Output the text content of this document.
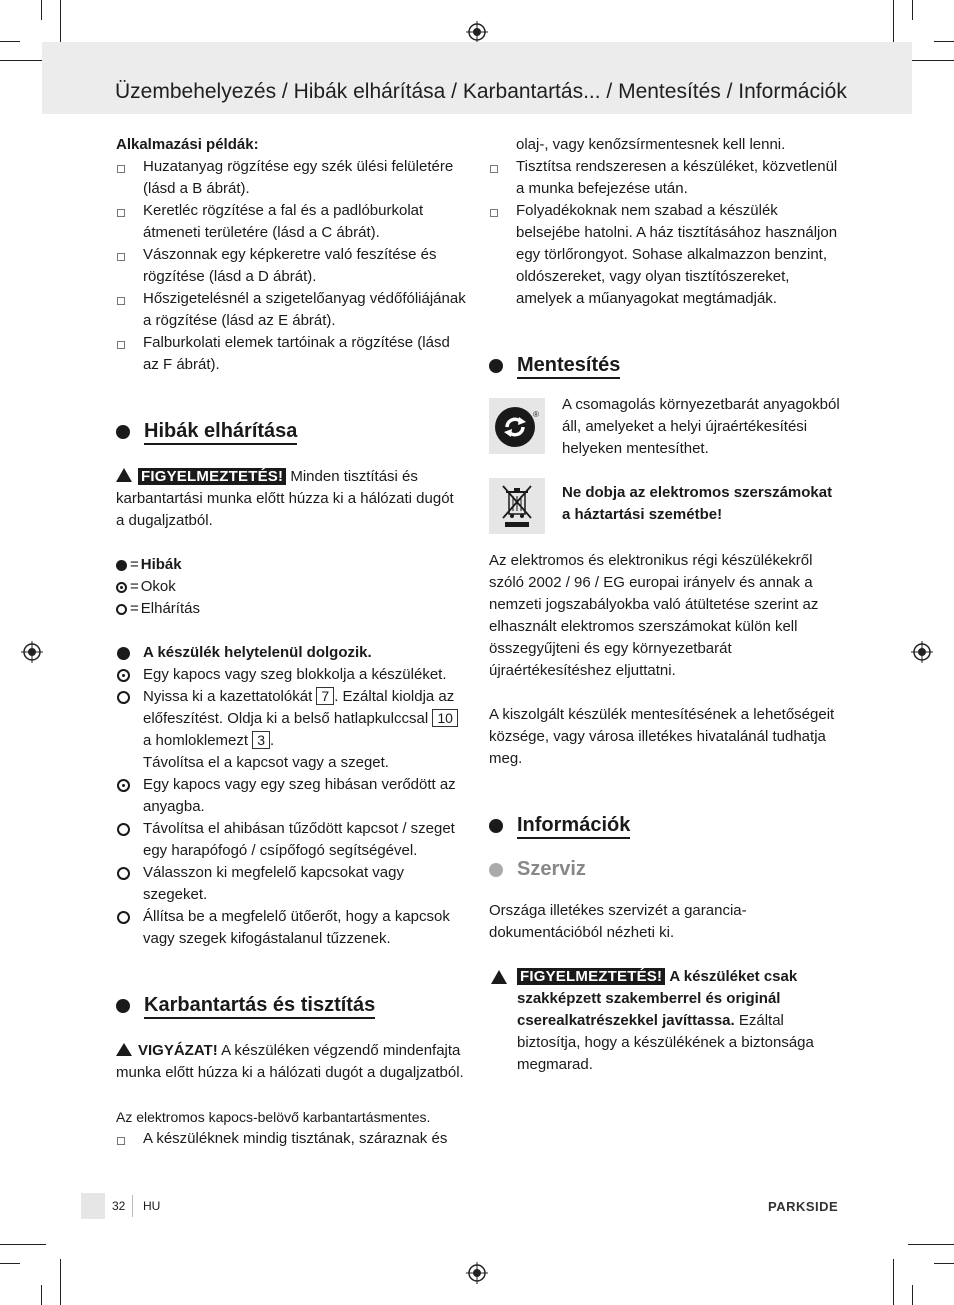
Üzembehelyezés / Hibák elhárítása / Karbantartás... / Mentesítés / Információk

Alkalmazási példák:

Huzatanyag rögzítése egy szék ülési felületére (lásd a B ábrát).
Keretléc rögzítése a fal és a padlóburkolat átmeneti területére (lásd a C ábrát).
Vászonnak egy képkeretre való feszítése és rögzítése (lásd a D ábrát).
Hőszigetelésnél a szigetelőanyag védőfóliájának a rögzítése (lásd az E ábrát).
Falburkolati elemek tartóinak a rögzítése (lásd az F ábrát).
Hibák elhárítása

FIGYELMEZTETÉS! Minden tisztítási és karbantartási munka előtt húzza ki a hálózati dugót a dugaljzatból.

= Hibák
= Okok
= Elhárítás
A készülék helytelenül dolgozik.
Egy kapocs vagy szeg blokkolja a készüléket.
Nyissa ki a kazettatolókát 7 . Ezáltal kioldja az előfeszítést. Oldja ki a belső hatlapkulccsal 10 a homloklemezt 3 .
Távolítsa el a kapcsot vagy a szeget.
Egy kapocs vagy egy szeg hibásan verődött az anyagba.
Távolítsa el ahibásan tűződött kapcsot / szeget egy harapófogó / csípőfogó segítségével.
Válasszon ki megfelelő kapcsokat vagy szegeket.
Állítsa be a megfelelő ütőerőt, hogy a kapcsok vagy szegek kifogástalanul tűzzenek.
Karbantartás és tisztítás

VIGYÁZAT! A készüléken végzendő mindenfajta munka előtt húzza ki a hálózati dugót a dugaljzatból.

Az elektromos kapocs-belövő karbantartásmentes.

A készüléknek mindig tisztának, száraznak és

olaj-, vagy kenőzsírmentesnek kell lenni.

Tisztítsa rendszeresen a készüléket, közvetlenül a munka befejezése után.
Folyadékoknak nem szabad a készülék belsejébe hatolni. A ház tisztításához használjon egy törlőrongyot. Sohase alkalmazzon benzint, oldószereket, vagy olyan tisztítószereket, amelyek a műanyagokat megtámadják.
Mentesítés
®

A csomagolás környezetbarát anyagokból áll, amelyeket a helyi újraértékesítési helyeken mentesíthet.

Ne dobja az elektromos szerszámokat a háztartási szemétbe!

Az elektromos és elektronikus régi készülékekről szóló 2002 / 96 / EG europai irányelv és annak a nemzeti jogszabályokba való átültetése szerint az elhasznált elektromos szerszámokat külön kell összegyűjteni és egy környezetbarát újraértékesítéshez eljuttatni.

A kiszolgált készülék mentesítésének a lehetőségeit községe, vagy városa illetékes hivatalánál tudhatja meg.

Információk
Szerviz

Országa illetékes szervizét a garancia-dokumentációból nézheti ki.

FIGYELMEZTETÉS! A készüléket csak szakképzett szakemberrel és originál cserealkatrészekkel javíttassa. Ezáltal biztosítja, hogy a készülékének a biztonsága megmarad.

32 HU	PARKSIDE
